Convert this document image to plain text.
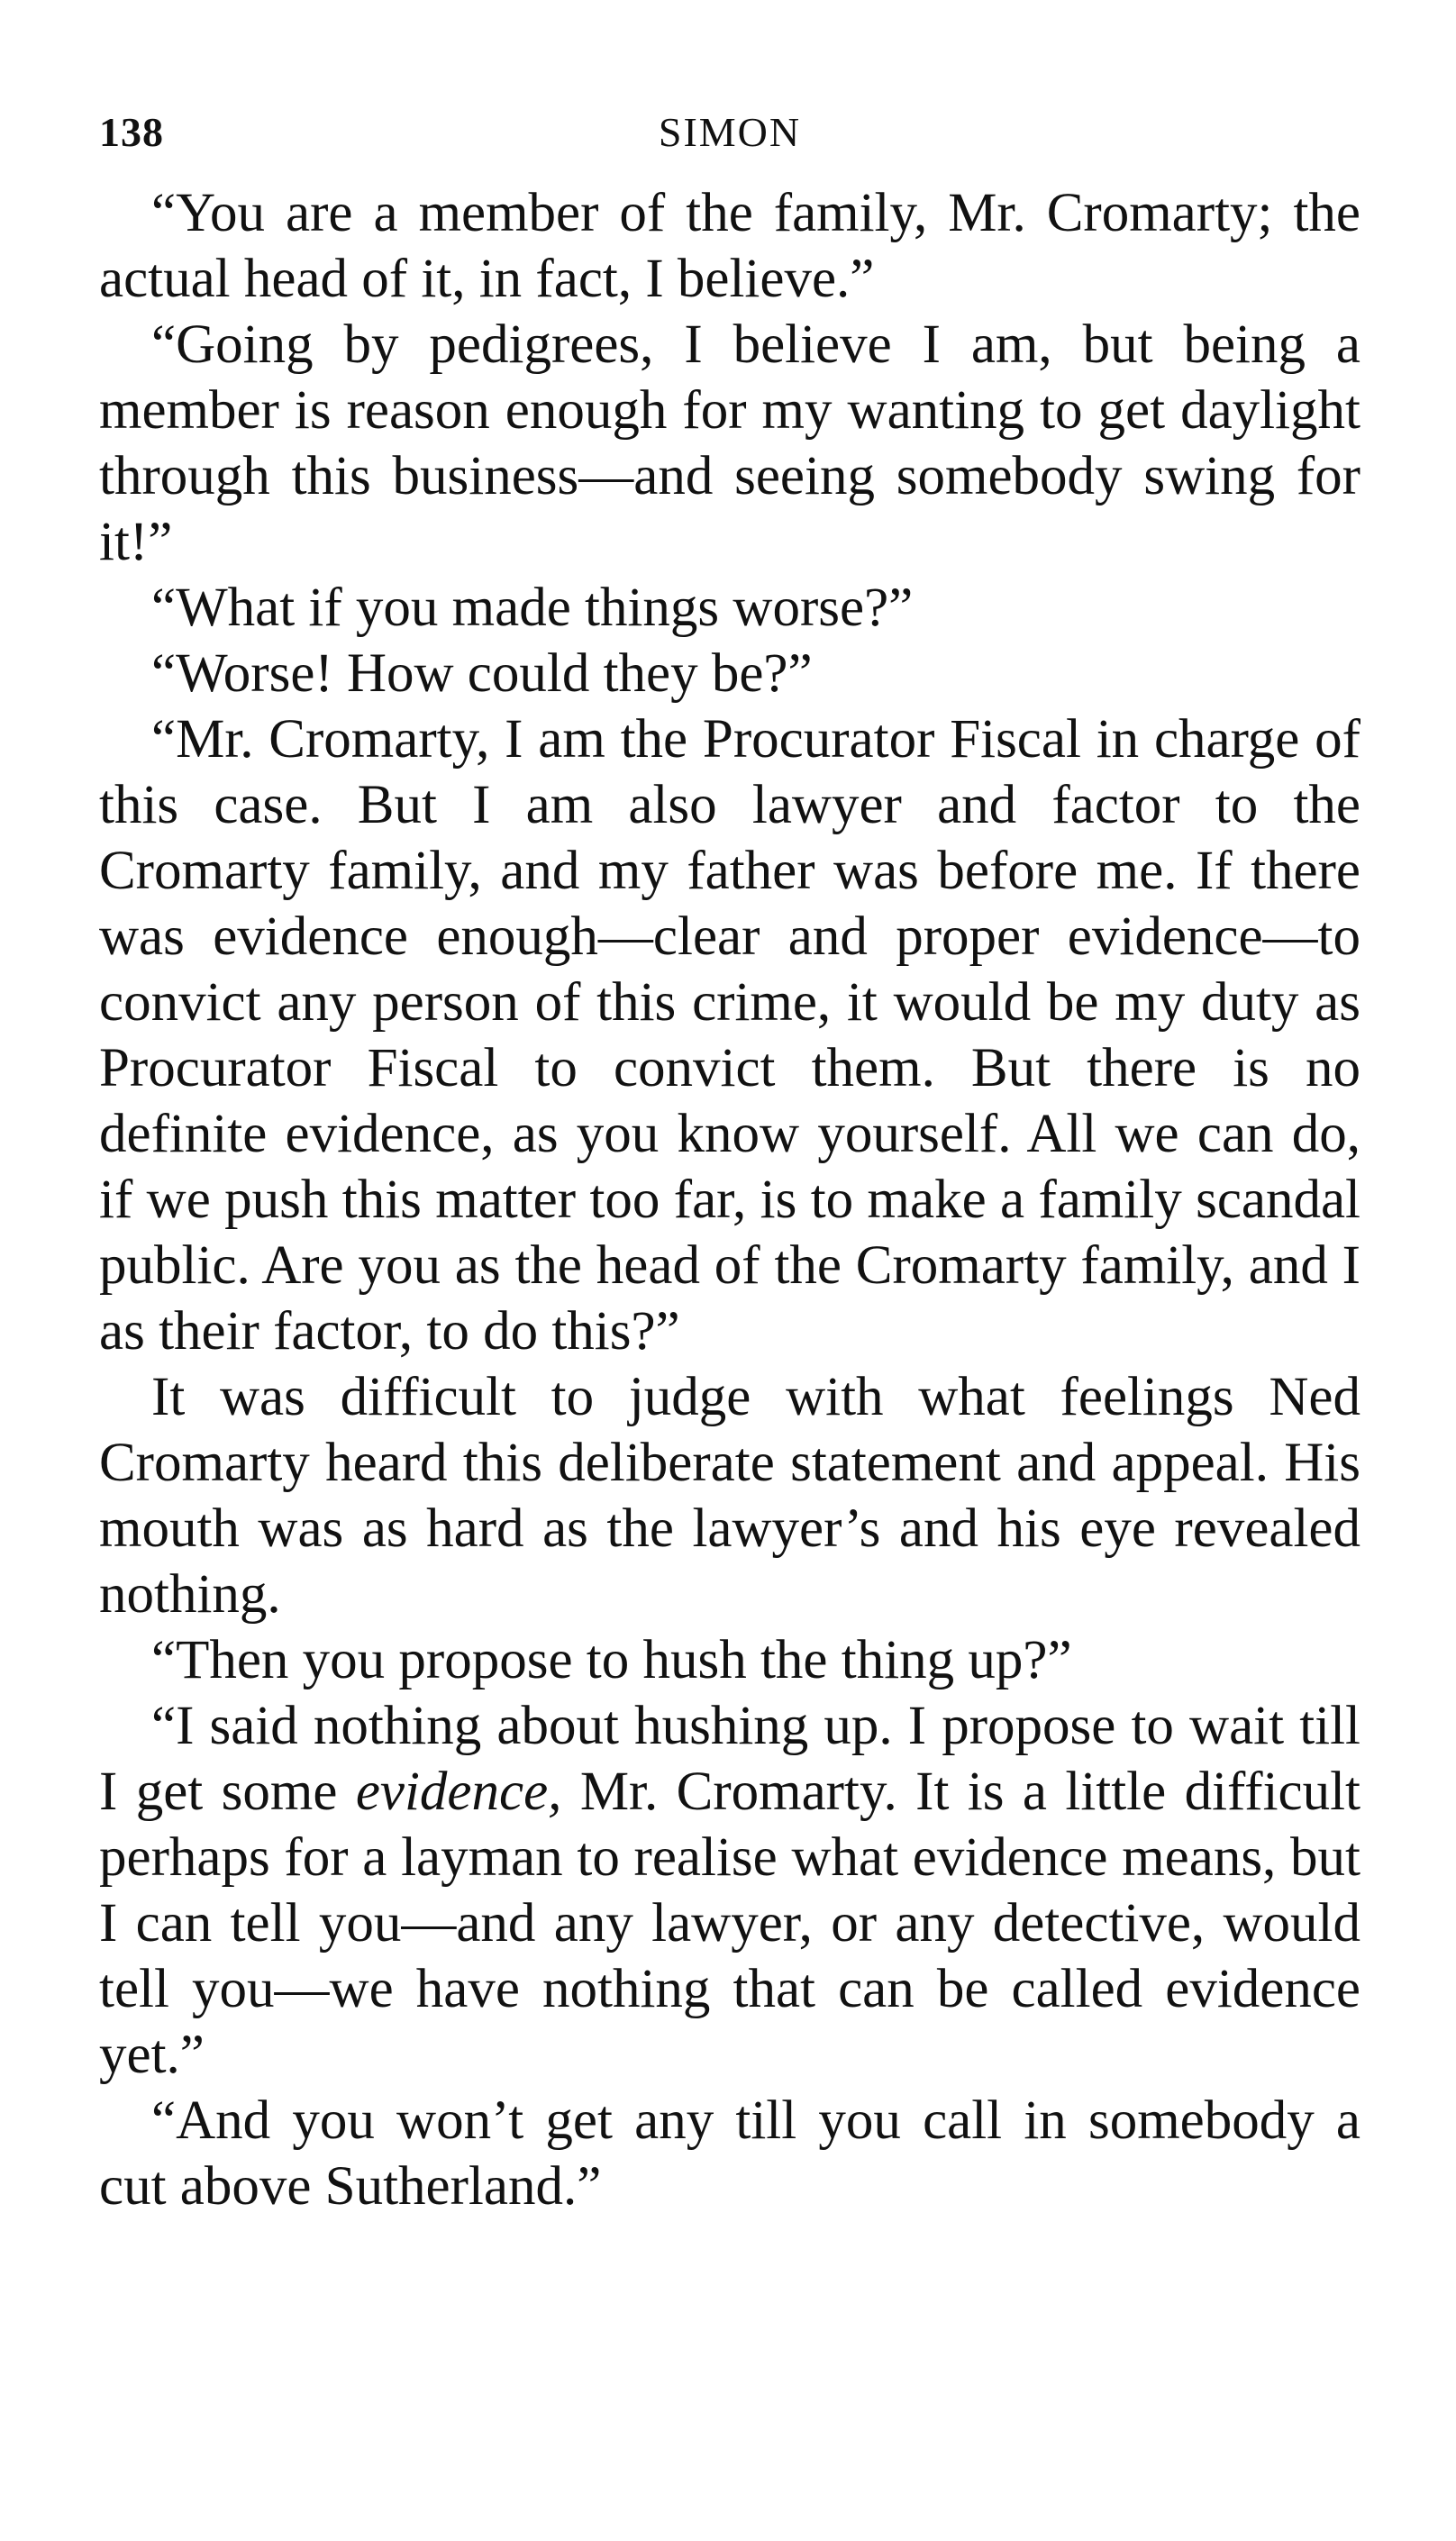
138	SIMON

“You are a member of the family, Mr. Cromarty; the actual head of it, in fact, I believe.”

“Going by pedigrees, I believe I am, but being a member is reason enough for my wanting to get daylight through this business—and seeing somebody swing for it!”

“What if you made things worse?”

“Worse! How could they be?”

“Mr. Cromarty, I am the Procurator Fiscal in charge of this case. But I am also lawyer and factor to the Cromarty family, and my father was before me. If there was evidence enough—clear and proper evidence—to convict any person of this crime, it would be my duty as Procurator Fiscal to convict them. But there is no definite evidence, as you know yourself. All we can do, if we push this matter too far, is to make a family scandal public. Are you as the head of the Cromarty family, and I as their factor, to do this?”

It was difficult to judge with what feelings Ned Cromarty heard this deliberate statement and appeal. His mouth was as hard as the lawyer’s and his eye revealed nothing.

“Then you propose to hush the thing up?”

“I said nothing about hushing up. I propose to wait till I get some evidence, Mr. Cromarty. It is a little difficult perhaps for a layman to realise what evidence means, but I can tell you—and any lawyer, or any detective, would tell you—we have nothing that can be called evidence yet.”

“And you won’t get any till you call in somebody a cut above Sutherland.”
